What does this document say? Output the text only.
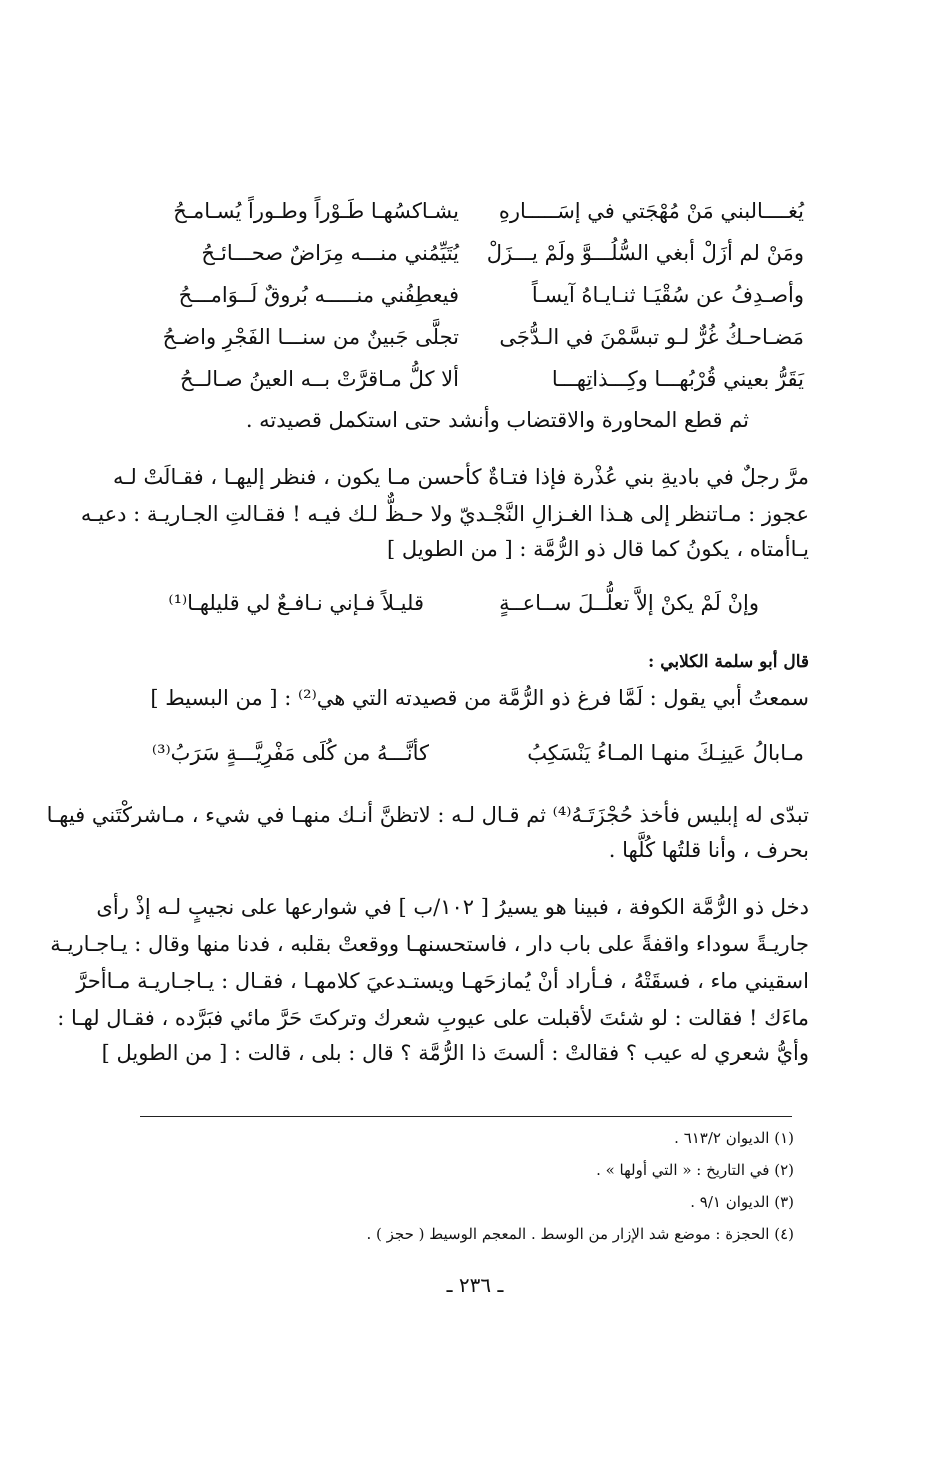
يُغــــالبني مَنْ مُهْجَتي في إسَـــــارهِ
يشـاكسُهـا طَـوْراً وطـوراً يُسـامـحُ
ومَنْ لم أزَلْ أبغي السُّلُـــوَّ ولَمْ يـــزَلْ
يُتَيِّمُني منـــه مِرَاضٌ صحـــائـحُ
وأصـدِفُ عن سُقْيَـا ثنـايـاهُ آيسـاً
فيعطِفُني منـــــه بُروقٌ لَــوَامـــحُ
مَضـاحـكُ غُرٌّ لـو تبسَّمْنَ في الـدُّجَى
تجلَّى جَبينٌ من سنـــا الفَجْرِ واضـحُ
يَقَرُّ بعيني قُرْبُهـــا وكِـــذاتِهـــا
ألا كلُّ مـاقرَّتْ بــه العينُ صـالــحُ
ثم قطع المحاورة والاقتضاب وأنشد حتى استكمل قصيدته .
مرَّ رجلٌ في باديةِ بني عُذْرة فإذا فتـاةٌ كأحسن مـا يكون ، فنظر إليهـا ، فقـالَتْ لـه
عجوز : مـاتنظر إلى هـذا الغـزالِ النَّجْـديّ ولا حـظٌّ لـك فيـه ! فقـالتِ الجـاريـة : دعيـه
يـاأمتاه ، يكونُ كما قال ذو الرُّمَّة : [ من الطويل ]
وإنْ لَمْ يكنْ إلاَّ تعلُّــلَ ســاعــةٍ
قليـلاً فـإني نـافـعٌ لي قليلهـا⁽¹⁾
قال أبو سلمة الكلابي :
سمعتُ أبي يقول : لَمَّا فرغ ذو الرُّمَّة من قصيدته التي هي⁽²⁾ : [ من البسيط ]
مـابالُ عَينِـكَ منهـا المـاءُ يَنْسَكِبُ
كأنَّـــهُ من كُلَى مَفْرِيَّـــةٍ سَرَبُ⁽³⁾
تبدّى له إبليس فأخذ حُجْزَتَـهُ⁽⁴⁾ ثم قـال لـه : لاتظنَّ أنـك منهـا في شيء ، مـاشركْتَني فيهـا
بحرف ، وأنا قلتُها كُلَّها .
دخل ذو الرُّمَّة الكوفة ، فبينا هو يسيرُ [ ١٠٢/ب ] في شوارعها على نجيبٍ لـه إذْ رأى
جاريـةً سوداء واقفةً على باب دار ، فاستحسنهـا ووقعتْ بقلبه ، فدنا منها وقال : يـاجـاريـة
اسقيني ماء ، فسقَتْهُ ، فـأراد أنْ يُمازحَهـا ويستـدعيَ كلامهـا ، فقـال : يـاجـاريـة مـاأحرَّ
ماءَك ! فقالت : لو شئتَ لأقبلت على عيوبِ شعرك وتركتَ حَرَّ مائي فبَرَّده ، فقـال لهـا :
وأيُّ شعري له عيب ؟ فقالتْ : ألستَ ذا الرُّمَّة ؟ قال : بلى ، قالت : [ من الطويل ]
(١) الديوان ٦١٣/٢ .
(٢) في التاريخ : « التي أولها » .
(٣) الديوان ٩/١ .
(٤) الحجزة : موضع شد الإزار من الوسط . المعجم الوسيط ( حجز ) .
ـ ٢٣٦ ـ
